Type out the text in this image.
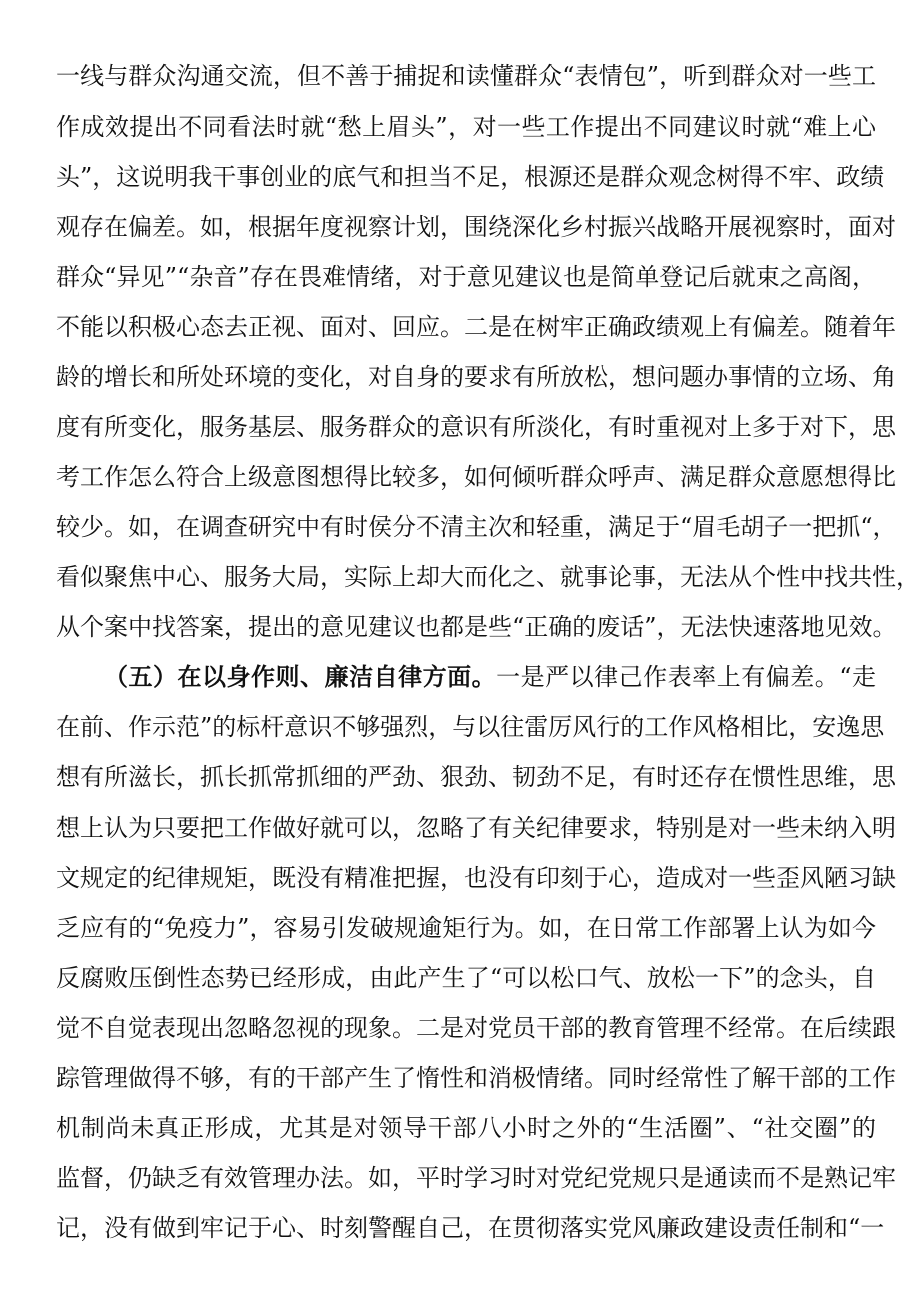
一线与群众沟通交流，但不善于捕捉和读懂群众“表情包”，听到群众对一些工
作成效提出不同看法时就“愁上眉头”，对一些工作提出不同建议时就“难上心
头”，这说明我干事创业的底气和担当不足，根源还是群众观念树得不牢、政绩
观存在偏差。如，根据年度视察计划，围绕深化乡村振兴战略开展视察时，面对
群众“异见”“杂音”存在畏难情绪，对于意见建议也是简单登记后就束之高阁，
不能以积极心态去正视、面对、回应。二是在树牢正确政绩观上有偏差。随着年
龄的增长和所处环境的变化，对自身的要求有所放松，想问题办事情的立场、角
度有所变化，服务基层、服务群众的意识有所淡化，有时重视对上多于对下，思
考工作怎么符合上级意图想得比较多，如何倾听群众呼声、满足群众意愿想得比
较少。如，在调查研究中有时侯分不清主次和轻重，满足于“眉毛胡子一把抓“，
看似聚焦中心、服务大局，实际上却大而化之、就事论事，无法从个性中找共性，
从个案中找答案，提出的意见建议也都是些“正确的废话”，无法快速落地见效。
（五）在以身作则、廉洁自律方面。一是严以律己作表率上有偏差。“走
在前、作示范”的标杆意识不够强烈，与以往雷厉风行的工作风格相比，安逸思
想有所滋长，抓长抓常抓细的严劲、狠劲、韧劲不足，有时还存在惯性思维，思
想上认为只要把工作做好就可以，忽略了有关纪律要求，特别是对一些未纳入明
文规定的纪律规矩，既没有精准把握，也没有印刻于心，造成对一些歪风陋习缺
乏应有的“免疫力”，容易引发破规逾矩行为。如，在日常工作部署上认为如今
反腐败压倒性态势已经形成，由此产生了“可以松口气、放松一下”的念头，自
觉不自觉表现出忽略忽视的现象。二是对党员干部的教育管理不经常。在后续跟
踪管理做得不够，有的干部产生了惰性和消极情绪。同时经常性了解干部的工作
机制尚未真正形成，尤其是对领导干部八小时之外的“生活圈”、“社交圈”的
监督，仍缺乏有效管理办法。如，平时学习时对党纪党规只是通读而不是熟记牢
记，没有做到牢记于心、时刻警醒自己，在贯彻落实党风廉政建设责任制和“一
